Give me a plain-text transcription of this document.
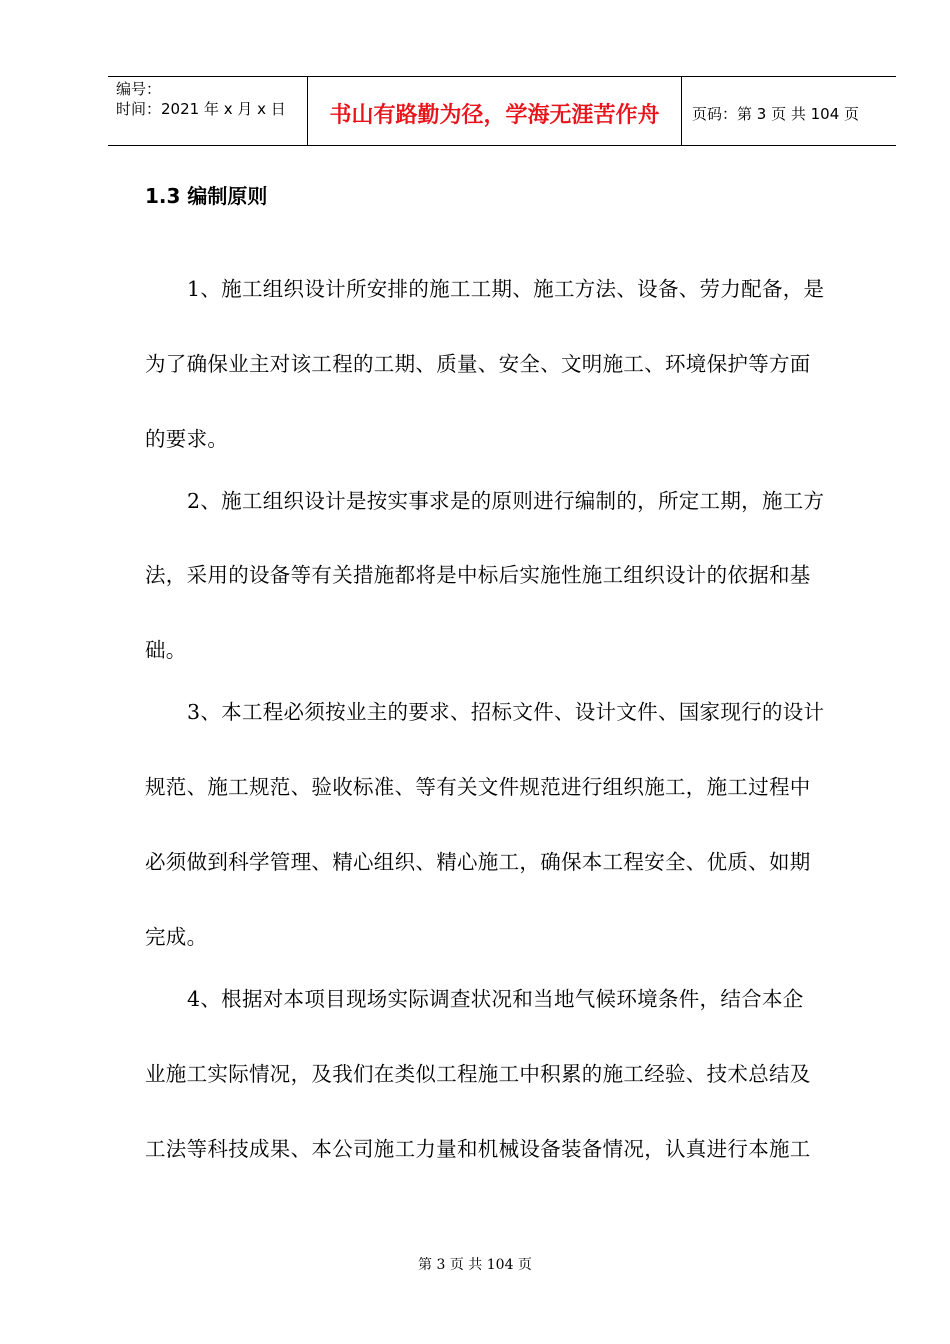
编号：
时间：2021 年 x 月 x 日	书山有路勤为径，学海无涯苦作舟	页码：第 3 页 共 104 页
1.3 编制原则
1、施工组织设计所安排的施工工期、施工方法、设备、劳力配备，是
为了确保业主对该工程的工期、质量、安全、文明施工、环境保护等方面
的要求。
2、施工组织设计是按实事求是的原则进行编制的，所定工期，施工方
法，采用的设备等有关措施都将是中标后实施性施工组织设计的依据和基
础。
3、本工程必须按业主的要求、招标文件、设计文件、国家现行的设计
规范、施工规范、验收标准、等有关文件规范进行组织施工，施工过程中
必须做到科学管理、精心组织、精心施工，确保本工程安全、优质、如期
完成。
4、根据对本项目现场实际调查状况和当地气候环境条件，结合本企
业施工实际情况，及我们在类似工程施工中积累的施工经验、技术总结及
工法等科技成果、本公司施工力量和机械设备装备情况，认真进行本施工
第 3 页 共 104 页
